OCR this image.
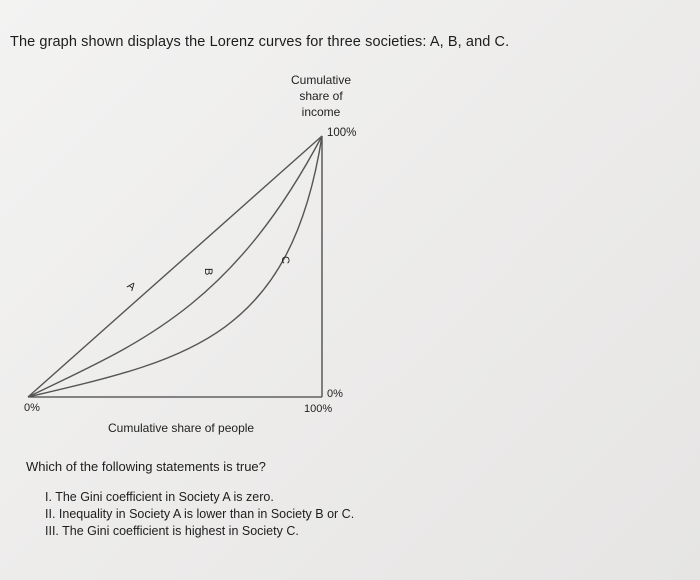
The graph shown displays the Lorenz curves for three societies: A, B, and C.
Cumulative
share of
income
100%
0%
0%
100%
A
B
C
Cumulative share of people
Which of the following statements is true?
I. The Gini coefficient in Society A is zero.
II. Inequality in Society A is lower than in Society B or C.
III. The Gini coefficient is highest in Society C.
